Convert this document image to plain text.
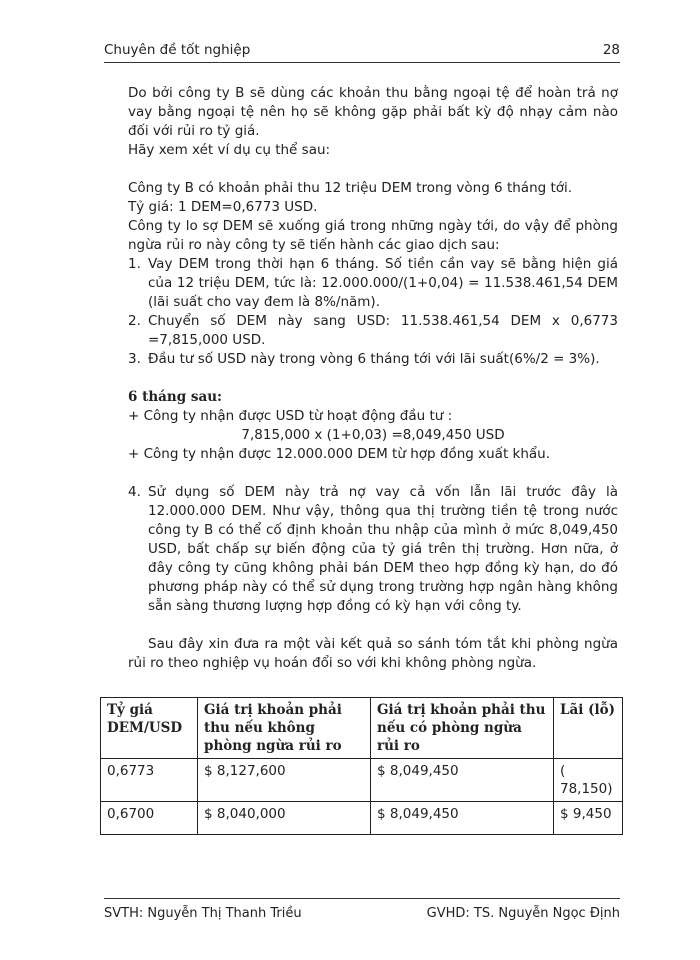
Chuyên đề tốt nghiệp	28

Do bởi công ty B sẽ dùng các khoản thu bằng ngoại tệ để hoàn trả nợ vay bằng ngoại tệ nên họ sẽ không gặp phải bất kỳ độ nhạy cảm nào đối với rủi ro tỷ giá.

Hãy xem xét ví dụ cụ thể sau:

Công ty B có khoản phải thu 12 triệu DEM trong vòng 6 tháng tới.

Tỷ giá: 1 DEM=0,6773 USD.

Công ty lo sợ DEM sẽ xuống giá trong những ngày tới, do vậy để phòng ngừa rủi ro này công ty sẽ tiến hành các giao dịch sau:

1. Vay DEM trong thời hạn 6 tháng. Số tiền cần vay sẽ bằng hiện giá của 12 triệu DEM, tức là: 12.000.000/(1+0,04) = 11.538.461,54 DEM (lãi suất cho vay đem là 8%/năm).
2. Chuyển số DEM này sang USD: 11.538.461,54 DEM x 0,6773 =7,815,000 USD.
3. Đầu tư số USD này trong vòng 6 tháng tới với lãi suất(6%/2 = 3%).

6 tháng sau:

+ Công ty nhận được USD từ hoạt động đầu tư :

7,815,000 x (1+0,03) =8,049,450 USD

+ Công ty nhận được 12.000.000 DEM từ hợp đồng xuất khẩu.

4. Sử dụng số DEM này trả nợ vay cả vốn lẫn lãi trước đây là 12.000.000 DEM. Như vậy, thông qua thị trường tiền tệ trong nước công ty B có thể cố định khoản thu nhập của mình ở mức 8,049,450 USD, bất chấp sự biến động của tỷ giá trên thị trường. Hơn nữa, ở đây công ty cũng không phải bán DEM theo hợp đồng kỳ hạn, do đó phương pháp này có thể sử dụng trong trường hợp ngân hàng không sẵn sàng thương lượng hợp đồng có kỳ hạn với công ty.

Sau đây xin đưa ra một vài kết quả so sánh tóm tắt khi phòng ngừa rủi ro theo nghiệp vụ hoán đổi so với khi không phòng ngừa.

Tỷ giá DEM/USD	Giá trị khoản phải thu nếu không phòng ngừa rủi ro	Giá trị khoản phải thu nếu có phòng ngừa rủi ro	Lãi (lỗ)
0,6773	$ 8,127,600	$ 8,049,450	( 78,150)
0,6700	$ 8,040,000	$ 8,049,450	$ 9,450
SVTH: Nguyễn Thị Thanh Triều	GVHD: TS. Nguyễn Ngọc Định
